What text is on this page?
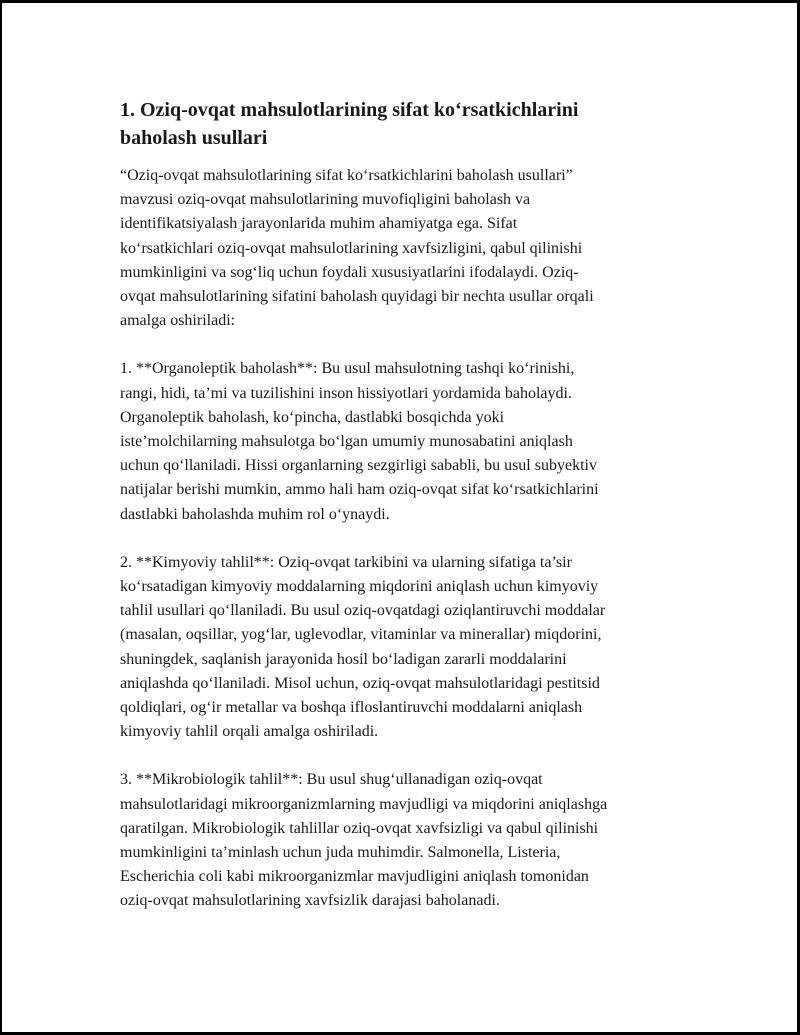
1. Oziq-ovqat mahsulotlarining sifat ko‘rsatkichlarini
baholash usullari

“Oziq-ovqat mahsulotlarining sifat ko‘rsatkichlarini baholash usullari”
mavzusi oziq-ovqat mahsulotlarining muvofiqligini baholash va
identifikatsiyalash jarayonlarida muhim ahamiyatga ega. Sifat
ko‘rsatkichlari oziq-ovqat mahsulotlarining xavfsizligini, qabul qilinishi
mumkinligini va sog‘liq uchun foydali xususiyatlarini ifodalaydi. Oziq-
ovqat mahsulotlarining sifatini baholash quyidagi bir nechta usullar orqali
amalga oshiriladi:

1. **Organoleptik baholash**: Bu usul mahsulotning tashqi ko‘rinishi,
rangi, hidi, ta’mi va tuzilishini inson hissiyotlari yordamida baholaydi.
Organoleptik baholash, ko‘pincha, dastlabki bosqichda yoki
iste’molchilarning mahsulotga bo‘lgan umumiy munosabatini aniqlash
uchun qo‘llaniladi. Hissi organlarning sezgirligi sababli, bu usul subyektiv
natijalar berishi mumkin, ammo hali ham oziq-ovqat sifat ko‘rsatkichlarini
dastlabki baholashda muhim rol o‘ynaydi.

2. **Kimyoviy tahlil**: Oziq-ovqat tarkibini va ularning sifatiga ta’sir
ko‘rsatadigan kimyoviy moddalarning miqdorini aniqlash uchun kimyoviy
tahlil usullari qo‘llaniladi. Bu usul oziq-ovqatdagi oziqlantiruvchi moddalar
(masalan, oqsillar, yog‘lar, uglevodlar, vitaminlar va minerallar) miqdorini,
shuningdek, saqlanish jarayonida hosil bo‘ladigan zararli moddalarini
aniqlashda qo‘llaniladi. Misol uchun, oziq-ovqat mahsulotlaridagi pestitsid
qoldiqlari, og‘ir metallar va boshqa ifloslantiruvchi moddalarni aniqlash
kimyoviy tahlil orqali amalga oshiriladi.

3. **Mikrobiologik tahlil**: Bu usul shug‘ullanadigan oziq-ovqat
mahsulotlaridagi mikroorganizmlarning mavjudligi va miqdorini aniqlashga
qaratilgan. Mikrobiologik tahlillar oziq-ovqat xavfsizligi va qabul qilinishi
mumkinligini ta’minlash uchun juda muhimdir. Salmonella, Listeria,
Escherichia coli kabi mikroorganizmlar mavjudligini aniqlash tomonidan
oziq-ovqat mahsulotlarining xavfsizlik darajasi baholanadi.
